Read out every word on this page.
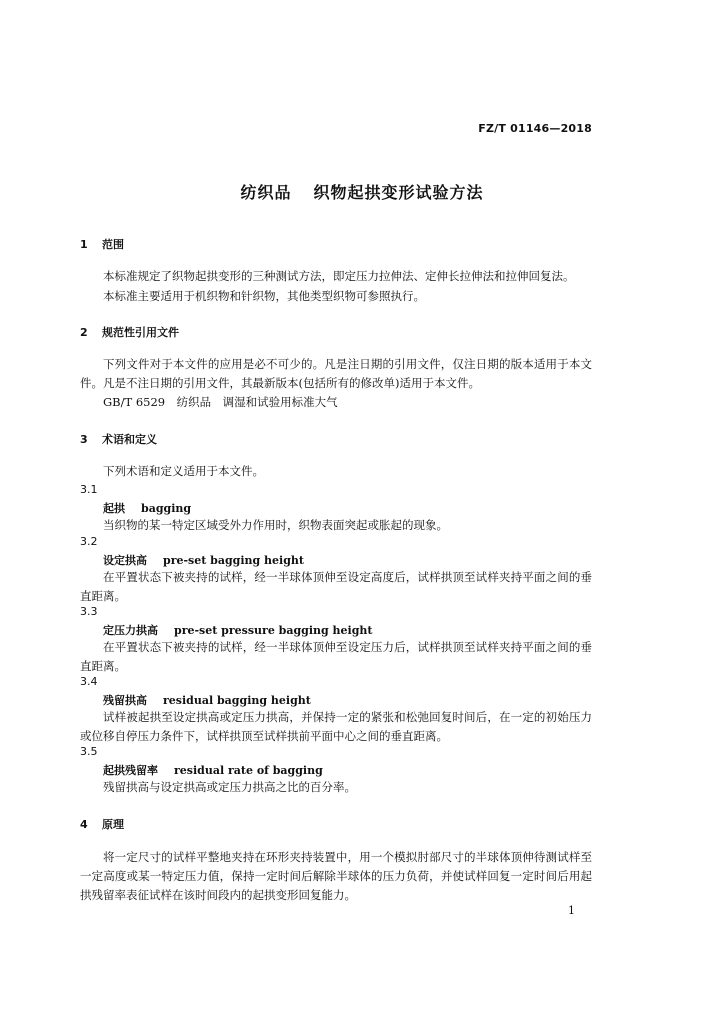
FZ/T 01146—2018
纺织品 织物起拱变形试验方法
1 范围
本标准规定了织物起拱变形的三种测试方法，即定压力拉伸法、定伸长拉伸法和拉伸回复法。
本标准主要适用于机织物和针织物，其他类型织物可参照执行。
2 规范性引用文件
下列文件对于本文件的应用是必不可少的。凡是注日期的引用文件，仅注日期的版本适用于本文件。凡是不注日期的引用文件，其最新版本(包括所有的修改单)适用于本文件。
GB/T 6529　纺织品　调湿和试验用标准大气
3 术语和定义
下列术语和定义适用于本文件。
3.1
起拱 bagging
当织物的某一特定区域受外力作用时，织物表面突起或胀起的现象。
3.2
设定拱高 pre-set bagging height
在平置状态下被夹持的试样，经一半球体顶伸至设定高度后，试样拱顶至试样夹持平面之间的垂直距离。
3.3
定压力拱高 pre-set pressure bagging height
在平置状态下被夹持的试样，经一半球体顶伸至设定压力后，试样拱顶至试样夹持平面之间的垂直距离。
3.4
残留拱高 residual bagging height
试样被起拱至设定拱高或定压力拱高，并保持一定的紧张和松弛回复时间后，在一定的初始压力或位移自停压力条件下，试样拱顶至试样拱前平面中心之间的垂直距离。
3.5
起拱残留率 residual rate of bagging
残留拱高与设定拱高或定压力拱高之比的百分率。
4 原理
将一定尺寸的试样平整地夹持在环形夹持装置中，用一个模拟肘部尺寸的半球体顶伸待测试样至一定高度或某一特定压力值，保持一定时间后解除半球体的压力负荷，并使试样回复一定时间后用起拱残留率表征试样在该时间段内的起拱变形回复能力。
1
